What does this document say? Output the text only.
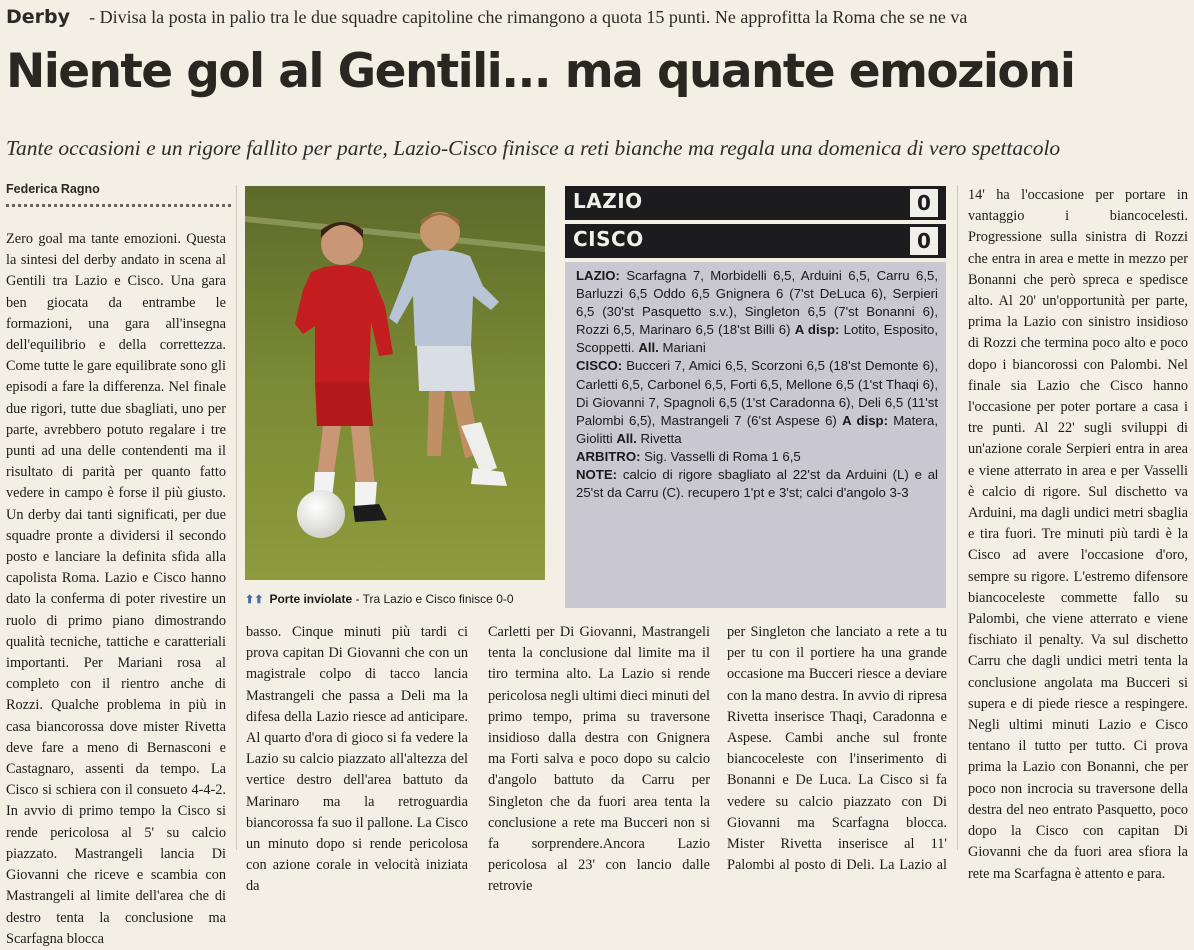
Derby - Divisa la posta in palio tra le due squadre capitoline che rimangono a quota 15 punti. Ne approfitta la Roma che se ne va
Niente gol al Gentili... ma quante emozioni
Tante occasioni e un rigore fallito per parte, Lazio-Cisco finisce a reti bianche ma regala una domenica di vero spettacolo
Federica Ragno

Zero goal ma tante emozioni. Questa la sintesi del derby andato in scena al Gentili tra Lazio e Cisco. Una gara ben giocata da entrambe le formazioni, una gara all'insegna dell'equilibrio e della correttezza. Come tutte le gare equilibrate sono gli episodi a fare la differenza. Nel finale due rigori, tutte due sbagliati, uno per parte, avrebbero potuto regalare i tre punti ad una delle contendenti ma il risultato di parità per quanto fatto vedere in campo è forse il più giusto. Un derby dai tanti significati, per due squadre pronte a dividersi il secondo posto e lanciare la definita sfida alla capolista Roma. Lazio e Cisco hanno dato la conferma di poter rivestire un ruolo di primo piano dimostrando qualità tecniche, tattiche e caratteriali importanti. Per Mariani rosa al completo con il rientro anche di Rozzi. Qualche problema in più in casa biancorossa dove mister Rivetta deve fare a meno di Bernasconi e Castagnaro, assenti da tempo. La Cisco si schiera con il consueto 4-4-2. In avvio di primo tempo la Cisco si rende pericolosa al 5' su calcio piazzato. Mastrangeli lancia Di Giovanni che riceve e scambia con Mastrangeli al limite dell'area che di destro tenta la conclusione ma Scarfagna blocca

basso. Cinque minuti più tardi ci prova capitan Di Giovanni che con un magistrale colpo di tacco lancia Mastrangeli che passa a Deli ma la difesa della Lazio riesce ad anticipare. Al quarto d'ora di gioco si fa vedere la Lazio su calcio piazzato all'altezza del vertice destro dell'area battuto da Marinaro ma la retroguardia biancorossa fa suo il pallone. La Cisco un minuto dopo si rende pericolosa con azione corale in velocità iniziata da

Carletti per Di Giovanni, Mastrangeli tenta la conclusione dal limite ma il tiro termina alto. La Lazio si rende pericolosa negli ultimi dieci minuti del primo tempo, prima su traversone insidioso dalla destra con Gnignera ma Forti salva e poco dopo su calcio d'angolo battuto da Carru per Singleton che da fuori area tenta la conclusione a rete ma Bucceri non si fa sorprendere.Ancora Lazio pericolosa al 23' con lancio dalle retrovie

per Singleton che lanciato a rete a tu per tu con il portiere ha una grande occasione ma Bucceri riesce a deviare con la mano destra. In avvio di ripresa Rivetta inserisce Thaqi, Caradonna e Aspese. Cambi anche sul fronte biancoceleste con l'inserimento di Bonanni e De Luca. La Cisco si fa vedere su calcio piazzato con Di Giovanni ma Scarfagna blocca. Mister Rivetta inserisce al 11' Palombi al posto di Deli. La Lazio al

14' ha l'occasione per portare in vantaggio i biancocelesti. Progressione sulla sinistra di Rozzi che entra in area e mette in mezzo per Bonanni che però spreca e spedisce alto. Al 20' un'opportunità per parte, prima la Lazio con sinistro insidioso di Rozzi che termina poco alto e poco dopo i biancorossi con Palombi. Nel finale sia Lazio che Cisco hanno l'occasione per poter portare a casa i tre punti. Al 22' sugli sviluppi di un'azione corale Serpieri entra in area e viene atterrato in area e per Vasselli è calcio di rigore. Sul dischetto va Arduini, ma dagli undici metri sbaglia e tira fuori. Tre minuti più tardi è la Cisco ad avere l'occasione d'oro, sempre su rigore. L'estremo difensore biancoceleste commette fallo su Palombi, che viene atterrato e viene fischiato il penalty. Va sul dischetto Carru che dagli undici metri tenta la conclusione angolata ma Bucceri si supera e di piede riesce a respingere.

Negli ultimi minuti Lazio e Cisco tentano il tutto per tutto. Ci prova prima la Lazio con Bonanni, che per poco non incrocia su traversone della destra del neo entrato Pasquetto, poco dopo la Cisco con capitan Di Giovanni che da fuori area sfiora la rete ma Scarfagna è attento e para.

⬆⬆ Porte inviolate - Tra Lazio e Cisco finisce 0-0
LAZIO	0
CISCO	0

LAZIO: Scarfagna 7, Morbidelli 6,5, Arduini 6,5, Carru 6,5, Barluzzi 6,5 Oddo 6,5 Gnignera 6 (7'st DeLuca 6), Serpieri 6,5 (30'st Pasquetto s.v.), Singleton 6,5 (7'st Bonanni 6), Rozzi 6,5, Marinaro 6,5 (18'st Billi 6) A disp: Lotito, Esposito, Scoppetti. All. Mariani

CISCO: Bucceri 7, Amici 6,5, Scorzoni 6,5 (18'st Demonte 6), Carletti 6,5, Carbonel 6,5, Forti 6,5, Mellone 6,5 (1'st Thaqi 6), Di Giovanni 7, Spagnoli 6,5 (1'st Caradonna 6), Deli 6,5 (11'st Palombi 6,5), Mastrangeli 7 (6'st Aspese 6) A disp: Matera, Giolitti All. Rivetta

ARBITRO: Sig. Vasselli di Roma 1 6,5

NOTE: calcio di rigore sbagliato al 22'st da Arduini (L) e al 25'st da Carru (C). recupero 1'pt e 3'st; calci d'angolo 3-3
